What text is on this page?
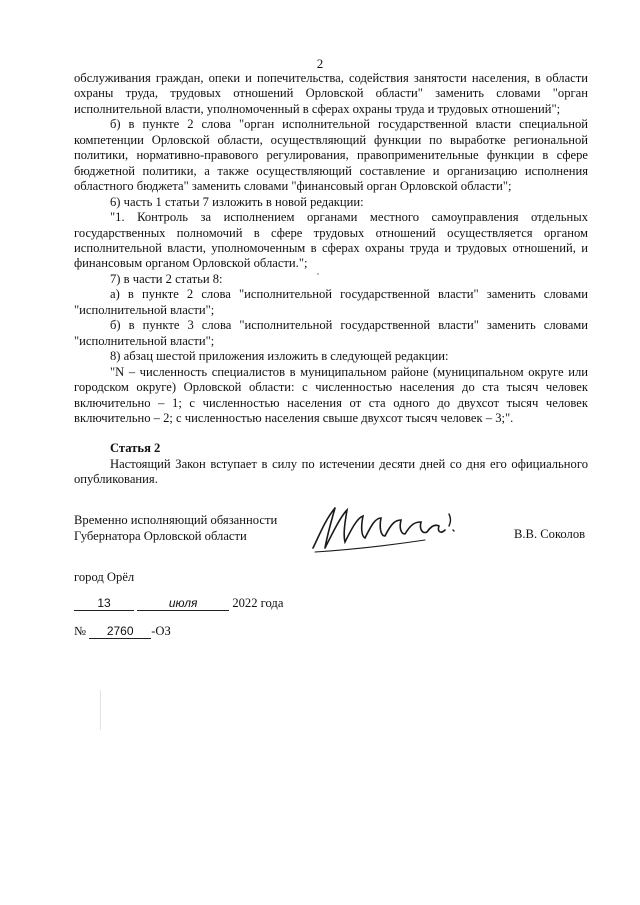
2

обслуживания граждан, опеки и попечительства, содействия занятости населения, в области охраны труда, трудовых отношений Орловской области" заменить словами "орган исполнительной власти, уполномоченный в сферах охраны труда и трудовых отношений";

б) в пункте 2 слова "орган исполнительной государственной власти специальной компетенции Орловской области, осуществляющий функции по выработке региональной политики, нормативно-правового регулирования, правоприменительные функции в сфере бюджетной политики, а также осуществляющий составление и организацию исполнения областного бюджета" заменить словами "финансовый орган Орловской области";

6) часть 1 статьи 7 изложить в новой редакции:

"1. Контроль за исполнением органами местного самоуправления отдельных государственных полномочий в сфере трудовых отношений осуществляется органом исполнительной власти, уполномоченным в сферах охраны труда и трудовых отношений, и финансовым органом Орловской области.";

7) в части 2 статьи 8:

а) в пункте 2 слова "исполнительной государственной власти" заменить словами "исполнительной власти";

б) в пункте 3 слова "исполнительной государственной власти" заменить словами "исполнительной власти";

8) абзац шестой приложения изложить в следующей редакции:

"N – численность специалистов в муниципальном районе (муниципальном округе или городском округе) Орловской области: с численностью населения до ста тысяч человек включительно – 1; с численностью населения от ста одного до двухсот тысяч человек включительно – 2; с численностью населения свыше двухсот тысяч человек – 3;".

Статья 2

Настоящий Закон вступает в силу по истечении десяти дней со дня его официального опубликования.

Временно исполняющий обязанности
Губернатора Орловской области	В.В. Соколов
город Орёл
13	июля	2022 года
№ 2760 -ОЗ
